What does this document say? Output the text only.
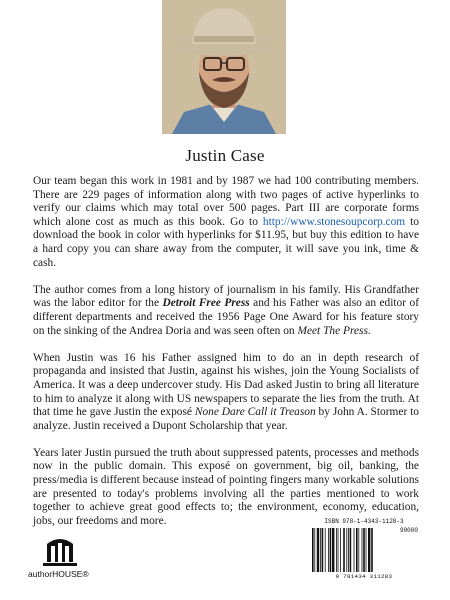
Justin Case

Our team began this work in 1981 and by 1987 we had 100 contributing members. There are 229 pages of information along with two pages of active hyperlinks to verify our claims which may total over 500 pages. Part III are corporate forms which alone cost as much as this book. Go to http://www.stonesoupcorp.com to download the book in color with hyperlinks for $11.95, but buy this edition to have a hard copy you can share away from the computer, it will save you ink, time & cash.

The author comes from a long history of journalism in his family. His Grandfather was the labor editor for the Detroit Free Press and his Father was also an editor of different departments and received the 1956 Page One Award for his feature story on the sinking of the Andrea Doria and was seen often on Meet The Press.

When Justin was 16 his Father assigned him to do an in depth research of propaganda and insisted that Justin, against his wishes, join the Young Socialists of America. It was a deep undercover study. His Dad asked Justin to bring all literature to him to analyze it along with US newspapers to separate the lies from the truth. At that time he gave Justin the exposé None Dare Call it Treason by John A. Stormer to analyze. Justin received a Dupont Scholarship that year.

Years later Justin pursued the truth about suppressed patents, processes and methods now in the public domain. This exposé on government, big oil, banking, the press/media is different because instead of pointing fingers many workable solutions are presented to today's problems involving all the parties mentioned to work together to achieve great good effects to; the environment, economy, education, jobs, our freedoms and more.

authorHOUSE®
ISBN 978-1-4343-1128-3
90000
9 781434 311283
